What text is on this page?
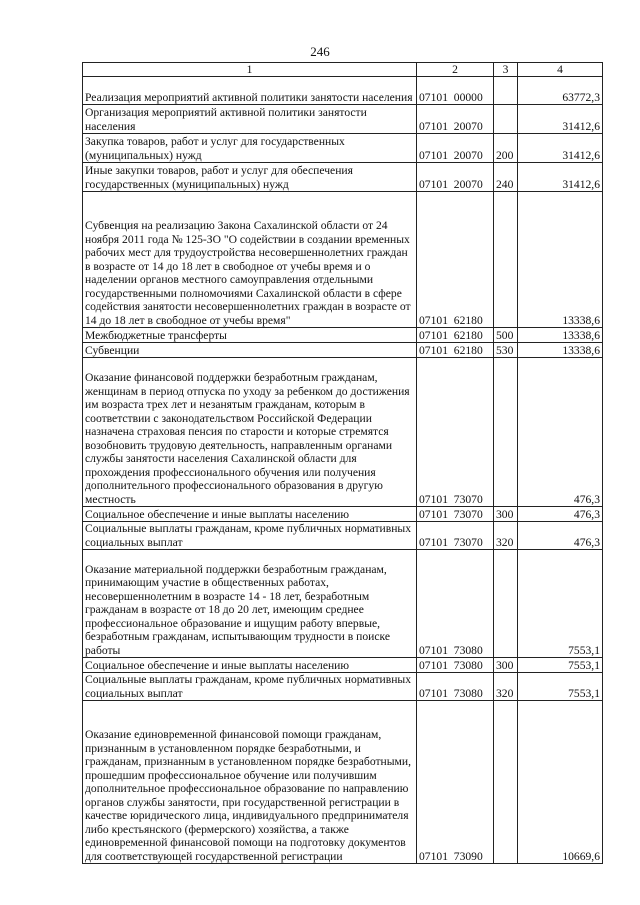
246
1	2	3	4
Реализация мероприятий активной политики занятости населения	07101  00000		63772,3
Организация мероприятий активной политики занятости населения	07101  20070		31412,6
Закупка товаров, работ и услуг для государственных (муниципальных) нужд	07101  20070	200	31412,6
Иные закупки товаров, работ и услуг для обеспечения государственных (муниципальных) нужд	07101  20070	240	31412,6
Субвенция на реализацию Закона Сахалинской области от 24 ноября 2011 года № 125-ЗО "О содействии в создании временных рабочих мест для трудоустройства несовершеннолетних граждан в возрасте от 14 до 18 лет в свободное от учебы время и о наделении органов местного самоуправления отдельными государственными полномочиями Сахалинской области в сфере содействия занятости несовершеннолетних граждан в возрасте от 14 до 18 лет в свободное от учебы время"	07101  62180		13338,6
Межбюджетные трансферты	07101  62180	500	13338,6
Субвенции	07101  62180	530	13338,6
Оказание финансовой поддержки безработным гражданам, женщинам в период отпуска по уходу за ребенком до достижения им возраста трех лет и незанятым гражданам, которым в соответствии с законодательством Российской Федерации назначена страховая пенсия по старости и которые стремятся возобновить трудовую деятельность, направленным органами службы занятости населения Сахалинской области для прохождения профессионального обучения или получения дополнительного профессионального образования в другую местность	07101  73070		476,3
Социальное обеспечение и иные выплаты населению	07101  73070	300	476,3
Социальные выплаты гражданам, кроме публичных нормативных социальных выплат	07101  73070	320	476,3
Оказание материальной поддержки безработным гражданам, принимающим участие в общественных работах, несовершеннолетним в возрасте 14 - 18 лет, безработным гражданам в возрасте от 18 до 20 лет, имеющим среднее профессиональное образование и ищущим работу впервые, безработным гражданам, испытывающим трудности в поиске работы	07101  73080		7553,1
Социальное обеспечение и иные выплаты населению	07101  73080	300	7553,1
Социальные выплаты гражданам, кроме публичных нормативных социальных выплат	07101  73080	320	7553,1
Оказание единовременной финансовой помощи гражданам, признанным в установленном порядке безработными, и гражданам, признанным в установленном порядке безработными, прошедшим профессиональное обучение или получившим дополнительное профессиональное образование по направлению органов службы занятости, при государственной регистрации в качестве юридического лица, индивидуального предпринимателя либо крестьянского (фермерского) хозяйства, а также единовременной финансовой помощи на подготовку документов для соответствующей государственной регистрации	07101  73090		10669,6
